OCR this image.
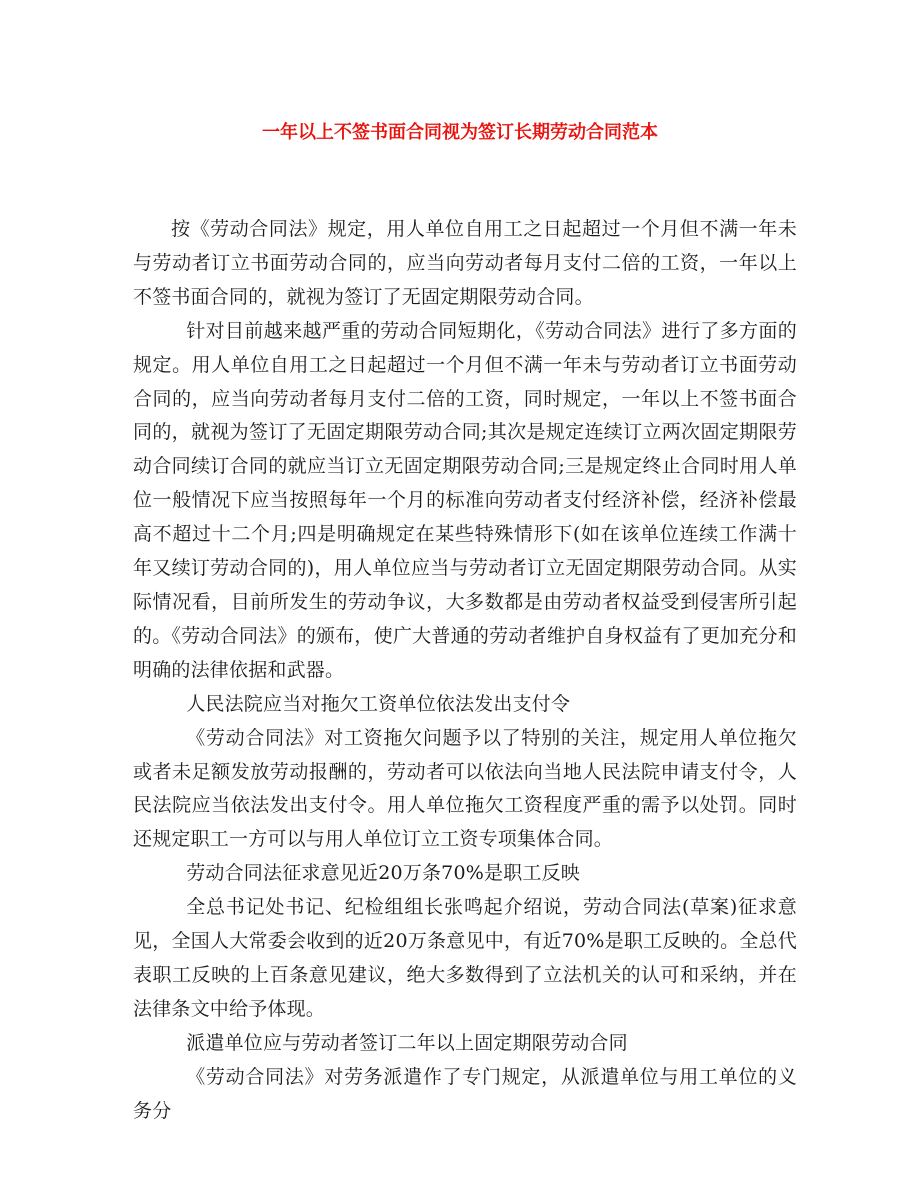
一年以上不签书面合同视为签订长期劳动合同范本

按《劳动合同法》规定，用人单位自用工之日起超过一个月但不满一年未与劳动者订立书面劳动合同的，应当向劳动者每月支付二倍的工资，一年以上不签书面合同的，就视为签订了无固定期限劳动合同。

针对目前越来越严重的劳动合同短期化，《劳动合同法》进行了多方面的规定。用人单位自用工之日起超过一个月但不满一年未与劳动者订立书面劳动合同的，应当向劳动者每月支付二倍的工资，同时规定，一年以上不签书面合同的，就视为签订了无固定期限劳动合同;其次是规定连续订立两次固定期限劳动合同续订合同的就应当订立无固定期限劳动合同;三是规定终止合同时用人单位一般情况下应当按照每年一个月的标准向劳动者支付经济补偿，经济补偿最高不超过十二个月;四是明确规定在某些特殊情形下(如在该单位连续工作满十年又续订劳动合同的)，用人单位应当与劳动者订立无固定期限劳动合同。从实际情况看，目前所发生的劳动争议，大多数都是由劳动者权益受到侵害所引起的。《劳动合同法》的颁布，使广大普通的劳动者维护自身权益有了更加充分和明确的法律依据和武器。

人民法院应当对拖欠工资单位依法发出支付令

《劳动合同法》对工资拖欠问题予以了特别的关注，规定用人单位拖欠或者未足额发放劳动报酬的，劳动者可以依法向当地人民法院申请支付令，人民法院应当依法发出支付令。用人单位拖欠工资程度严重的需予以处罚。同时还规定职工一方可以与用人单位订立工资专项集体合同。

劳动合同法征求意见近20万条70%是职工反映

全总书记处书记、纪检组组长张鸣起介绍说，劳动合同法(草案)征求意见，全国人大常委会收到的近20万条意见中，有近70%是职工反映的。全总代表职工反映的上百条意见建议，绝大多数得到了立法机关的认可和采纳，并在法律条文中给予体现。

派遣单位应与劳动者签订二年以上固定期限劳动合同

《劳动合同法》对劳务派遣作了专门规定，从派遣单位与用工单位的义务分
